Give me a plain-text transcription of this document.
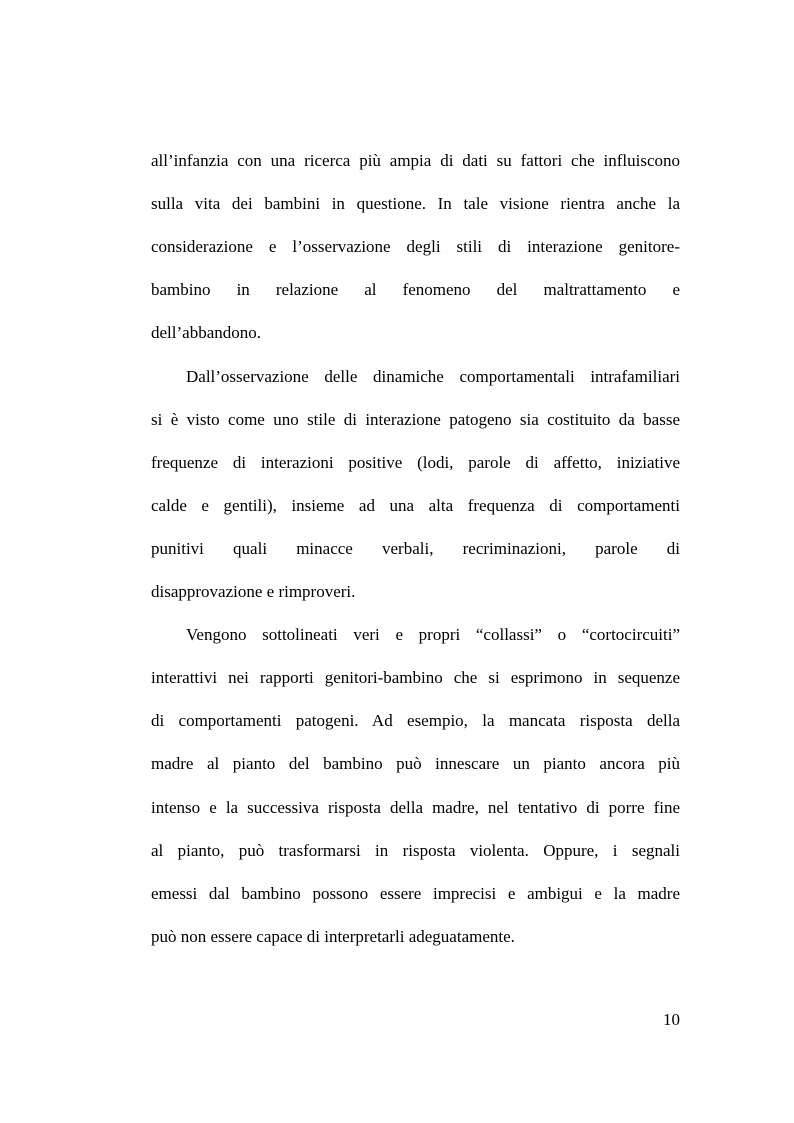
all’infanzia con una ricerca più ampia di dati su fattori che influiscono
sulla vita dei bambini in questione. In tale visione rientra anche la
considerazione e l’osservazione degli stili di interazione genitore-
bambino in relazione al fenomeno del maltrattamento e
dell’abbandono.
Dall’osservazione delle dinamiche comportamentali intrafamiliari
si è visto come uno stile di interazione patogeno sia costituito da basse
frequenze di interazioni positive (lodi, parole di affetto, iniziative
calde e gentili), insieme ad una alta frequenza di comportamenti
punitivi quali minacce verbali, recriminazioni, parole di
disapprovazione e rimproveri.
Vengono sottolineati veri e propri “collassi” o “cortocircuiti”
interattivi nei rapporti genitori-bambino che si esprimono in sequenze
di comportamenti patogeni. Ad esempio, la mancata risposta della
madre al pianto del bambino può innescare un pianto ancora più
intenso e la successiva risposta della madre, nel tentativo di porre fine
al pianto, può trasformarsi in risposta violenta. Oppure, i segnali
emessi dal bambino possono essere imprecisi e ambigui e la madre
può non essere capace di interpretarli adeguatamente.
10
